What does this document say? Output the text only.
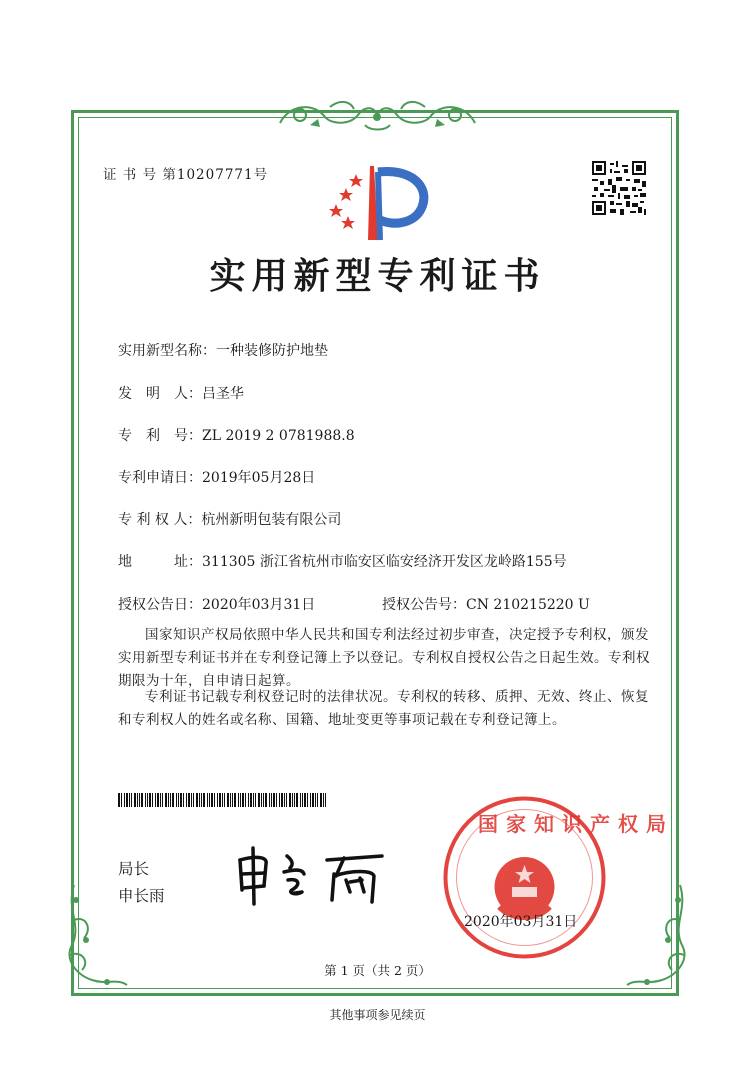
证 书 号 第10207771号
实用新型专利证书
实用新型名称：一种装修防护地垫
发　明　人：吕圣华
专　利　号：ZL 2019 2 0781988.8
专利申请日：2019年05月28日
专 利 权 人：杭州新明包装有限公司
地　　　址：311305 浙江省杭州市临安区临安经济开发区龙岭路155号
授权公告日：2020年03月31日	授权公告号：CN 210215220 U
国家知识产权局依照中华人民共和国专利法经过初步审查，决定授予专利权，颁发实用新型专利证书并在专利登记簿上予以登记。专利权自授权公告之日起生效。专利权期限为十年，自申请日起算。
专利证书记载专利权登记时的法律状况。专利权的转移、质押、无效、终止、恢复和专利权人的姓名或名称、国籍、地址变更等事项记载在专利登记簿上。
局长
申长雨
国家知识产权局
2020年03月31日
第 1 页（共 2 页）
其他事项参见续页
